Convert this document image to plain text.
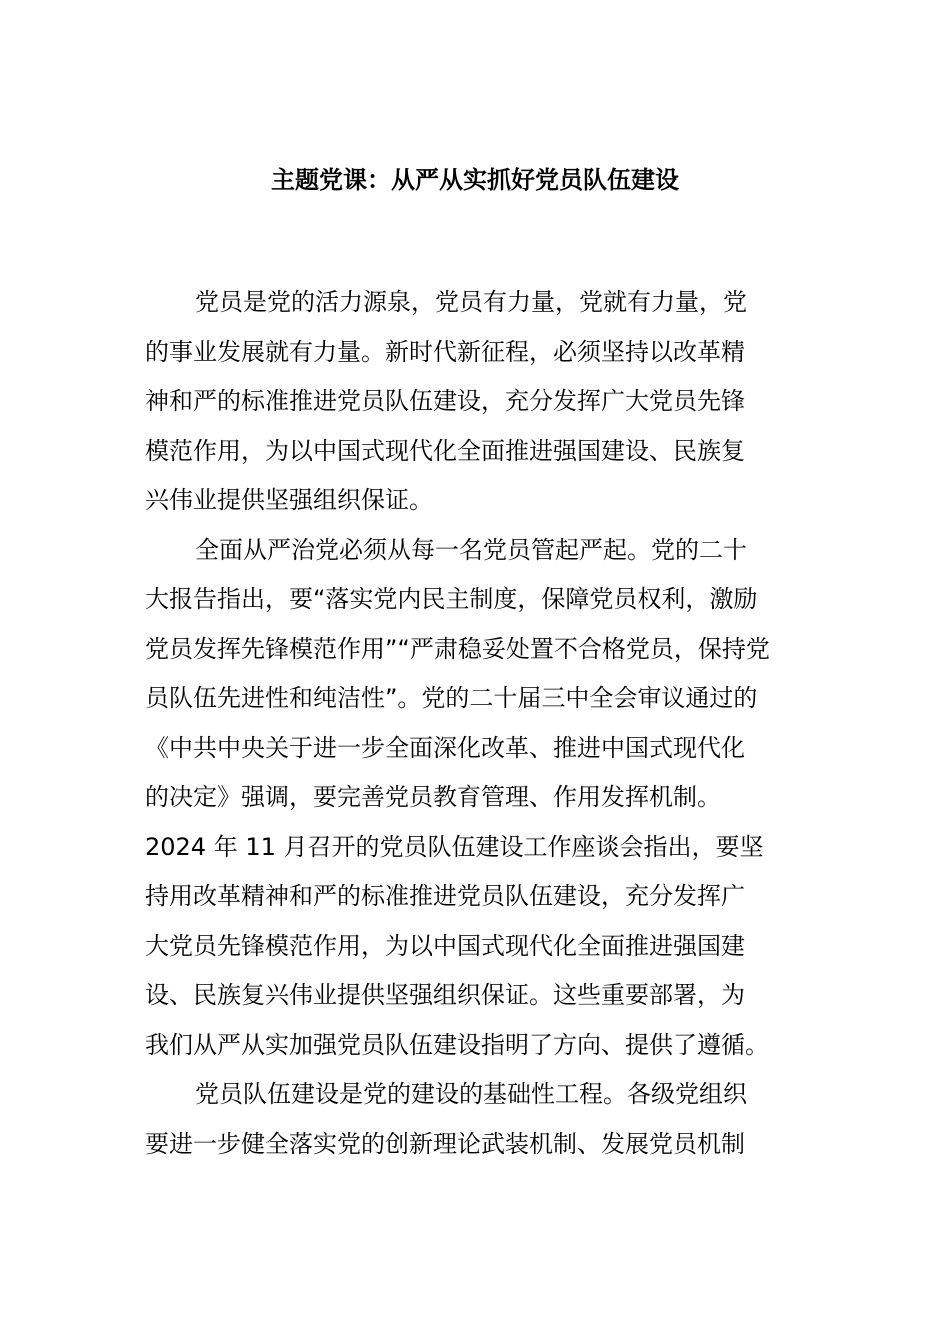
主题党课：从严从实抓好党员队伍建设
党员是党的活力源泉，党员有力量，党就有力量，党
的事业发展就有力量。新时代新征程，必须坚持以改革精
神和严的标准推进党员队伍建设，充分发挥广大党员先锋
模范作用，为以中国式现代化全面推进强国建设、民族复
兴伟业提供坚强组织保证。
全面从严治党必须从每一名党员管起严起。党的二十
大报告指出，要“落实党内民主制度，保障党员权利，激励
党员发挥先锋模范作用”“严肃稳妥处置不合格党员，保持党
员队伍先进性和纯洁性”。党的二十届三中全会审议通过的
《中共中央关于进一步全面深化改革、推进中国式现代化
的决定》强调，要完善党员教育管理、作用发挥机制。
2024 年 11 月召开的党员队伍建设工作座谈会指出，要坚
持用改革精神和严的标准推进党员队伍建设，充分发挥广
大党员先锋模范作用，为以中国式现代化全面推进强国建
设、民族复兴伟业提供坚强组织保证。这些重要部署，为
我们从严从实加强党员队伍建设指明了方向、提供了遵循。
党员队伍建设是党的建设的基础性工程。各级党组织
要进一步健全落实党的创新理论武装机制、发展党员机制
